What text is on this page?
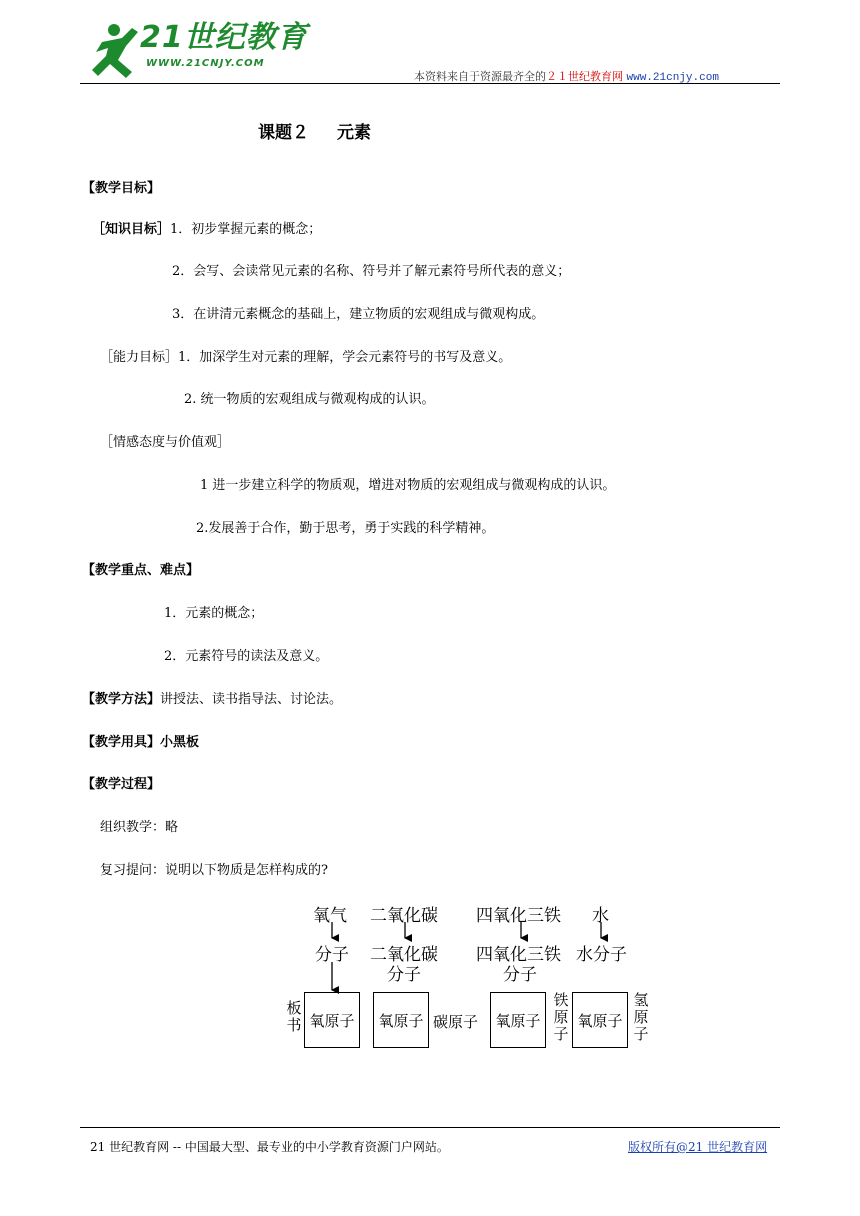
21世纪教育
WWW.21CNJY.COM
本资料来自于资源最齐全的２１世纪教育网 www.21cnjy.com
课题２ 元素
【教学目标】
［知识目标］1．初步掌握元素的概念；
2．会写、会读常见元素的名称、符号并了解元素符号所代表的意义；
3．在讲清元素概念的基础上，建立物质的宏观组成与微观构成。
［能力目标］1．加深学生对元素的理解，学会元素符号的书写及意义。
2. 统一物质的宏观组成与微观构成的认识。
［情感态度与价值观］
1 进一步建立科学的物质观，增进对物质的宏观组成与微观构成的认识。
2.发展善于合作，勤于思考，勇于实践的科学精神。
【教学重点、难点】
1．元素的概念；
2．元素符号的读法及意义。
【教学方法】讲授法、读书指导法、讨论法。
【教学用具】小黑板
【教学过程】
组织教学：略
复习提问：说明以下物质是怎样构成的?
氧气 二氧化碳 四氧化三铁 水
分子 二氧化碳
分子
四氧化三铁
分子
水分子
板
书 氧原子 氧原子 碳原子 氧原子
铁
原
子
氧原子
氢
原
子
21 世纪教育网 -- 中国最大型、最专业的中小学教育资源门户网站。	版权所有@21 世纪教育网
